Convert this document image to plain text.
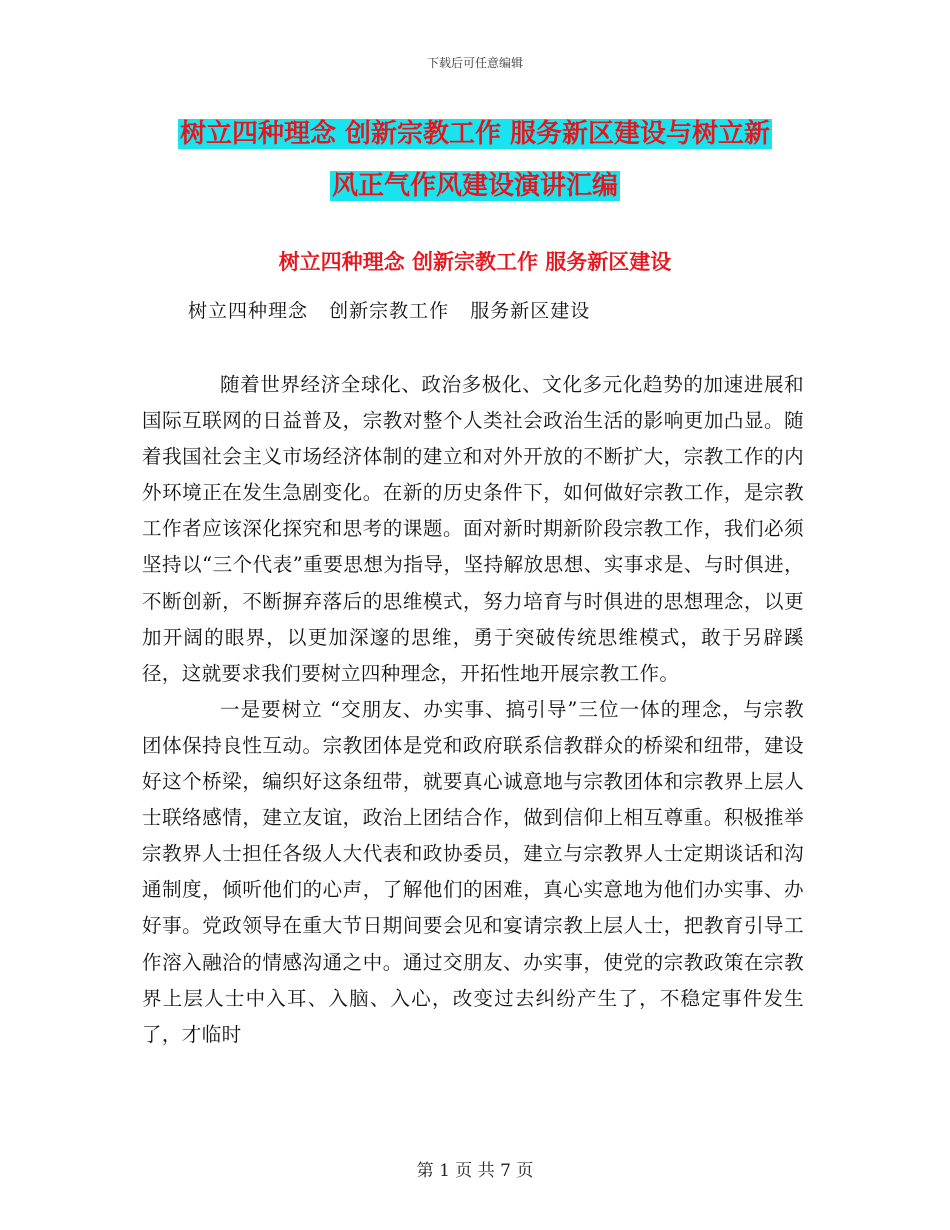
下载后可任意编辑
树立四种理念 创新宗教工作 服务新区建设与树立新
风正气作风建设演讲汇编
树立四种理念 创新宗教工作 服务新区建设
树立四种理念   创新宗教工作   服务新区建设

随着世界经济全球化、政治多极化、文化多元化趋势的加速进展和国际互联网的日益普及，宗教对整个人类社会政治生活的影响更加凸显。随着我国社会主义市场经济体制的建立和对外开放的不断扩大，宗教工作的内外环境正在发生急剧变化。在新的历史条件下，如何做好宗教工作，是宗教工作者应该深化探究和思考的课题。面对新时期新阶段宗教工作，我们必须坚持以“三个代表”重要思想为指导，坚持解放思想、实事求是、与时俱进，不断创新，不断摒弃落后的思维模式，努力培育与时俱进的思想理念，以更加开阔的眼界，以更加深邃的思维，勇于突破传统思维模式，敢于另辟蹊径，这就要求我们要树立四种理念，开拓性地开展宗教工作。

一是要树立 “交朋友、办实事、搞引导”三位一体的理念，与宗教团体保持良性互动。宗教团体是党和政府联系信教群众的桥梁和纽带，建设好这个桥梁，编织好这条纽带，就要真心诚意地与宗教团体和宗教界上层人士联络感情，建立友谊，政治上团结合作，做到信仰上相互尊重。积极推举宗教界人士担任各级人大代表和政协委员，建立与宗教界人士定期谈话和沟通制度，倾听他们的心声，了解他们的困难，真心实意地为他们办实事、办好事。党政领导在重大节日期间要会见和宴请宗教上层人士，把教育引导工作溶入融洽的情感沟通之中。通过交朋友、办实事，使党的宗教政策在宗教界上层人士中入耳、入脑、入心，改变过去纠纷产生了，不稳定事件发生了，才临时

第 1 页 共 7 页
